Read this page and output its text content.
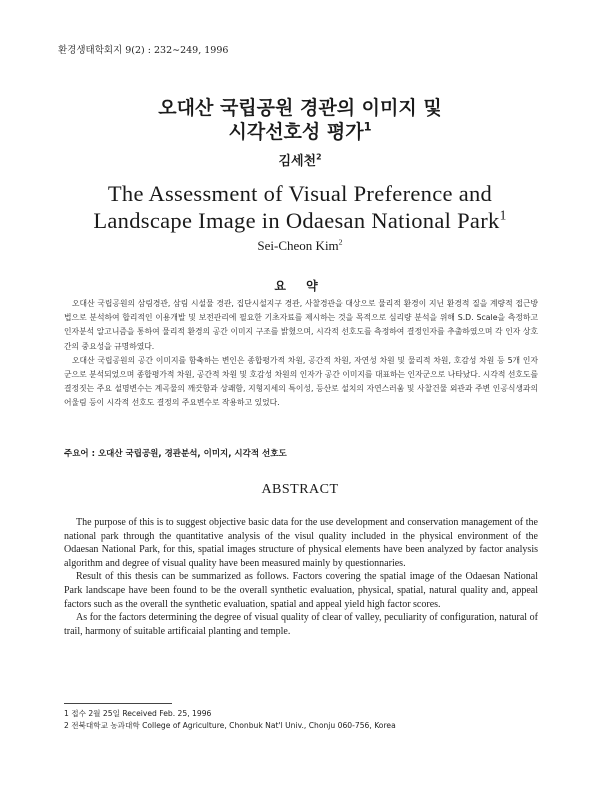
환경생태학회지 9(2) : 232∼249, 1996
오대산 국립공원 경관의 이미지 및
시각선호성 평가$^1$
김세천$^2$
The Assessment of Visual Preference and
Landscape Image in Odaesan National Park$^1$
Sei-Cheon Kim$^2$
요 약

오대산 국립공원의 삼림경관, 삼림 시설물 경관, 집단시설지구 경관, 사찰경관을 대상으로 물리적 환경이 지닌 환경적 질을 계량적 접근방법으로 분석하여 합리적인 이용개발 및 보전관리에 필요한 기초자료를 제시하는 것을 목적으로 심리량 분석을 위해 S.D. Scale을 측정하고 인자분석 알고니즘을 통하여 물리적 환경의 공간 이미지 구조를 밝혔으며, 시각적 선호도를 측정하여 결정인자를 추출하였으며 각 인자 상호간의 중요성을 규명하였다.

오대산 국립공원의 공간 이미지를 함축하는 변인은 종합평가적 차원, 공간적 차원, 자연성 차원 및 물리적 차원, 호감성 차원 등 5개 인자군으로 분석되었으며 종합평가적 차원, 공간적 차원 및 호감성 차원의 인자가 공간 이미지를 대표하는 인자군으로 나타났다. 시각적 선호도를 결정짓는 주요 설명변수는 계곡물의 깨끗함과 상쾌함, 지형지세의 특이성, 등산로 설치의 자연스러움 및 사찰건물 외관과 주변 인공식생과의 어울림 등이 시각적 선호도 결정의 주요변수로 작용하고 있었다.

주요어 : 오대산 국립공원, 경관분석, 이미지, 시각적 선호도
ABSTRACT

The purpose of this is to suggest objective basic data for the use development and conservation management of the national park through the quantitative analysis of the visul quality included in the physical environment of the Odaesan National Park, for this, spatial images structure of physical elements have been analyzed by factor analysis algorithm and degree of visual quality have been measured mainly by questionnaries.

Result of this thesis can be summarized as follows. Factors covering the spatial image of the Odaesan National Park landscape have been found to be the overall synthetic evaluation, physical, spatial, natural quality and, appeal factors such as the overall the synthetic evaluation, spatial and appeal yield high factor scores.

As for the factors determining the degree of visual quality of clear of valley, peculiarity of configuration, natural of trail, harmony of suitable artificaial planting and temple.

1 접수 2월 25일 Received Feb. 25, 1996
2 전북대학교 농과대학 College of Agriculture, Chonbuk Nat'l Univ., Chonju 060-756, Korea
